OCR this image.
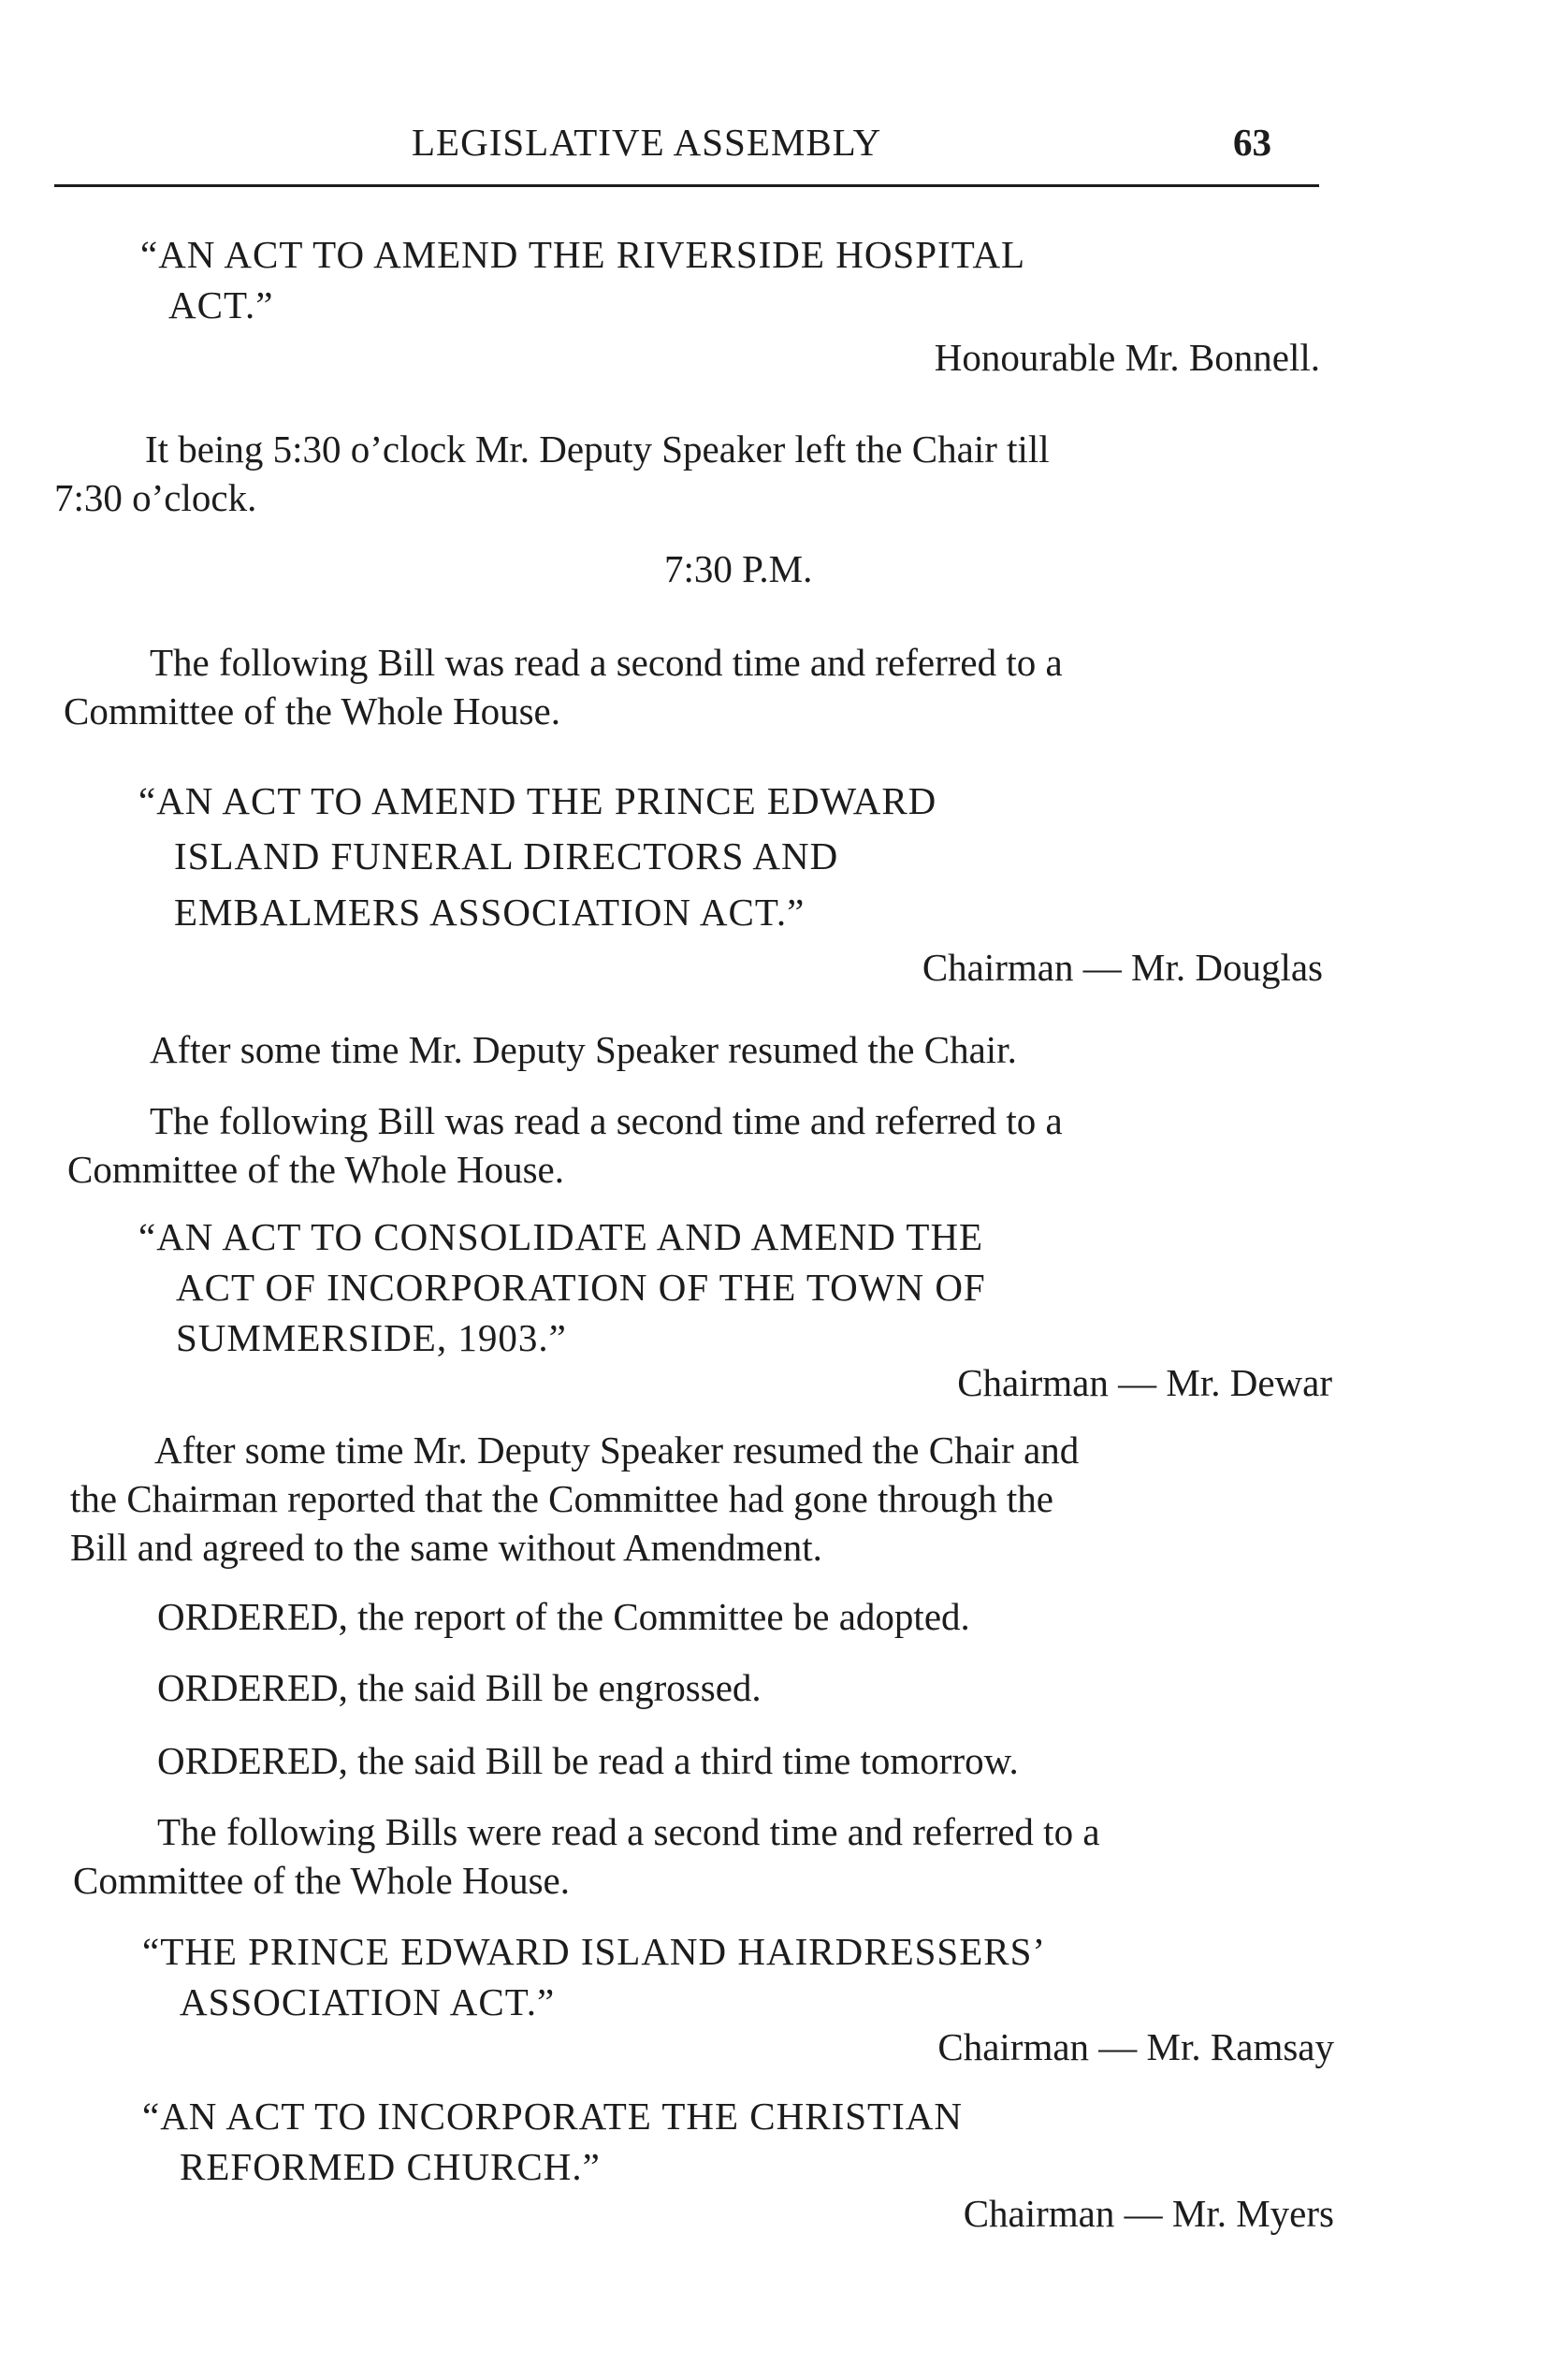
LEGISLATIVE ASSEMBLY	63
“AN ACT TO AMEND THE RIVERSIDE HOSPITAL
ACT.”
Honourable Mr. Bonnell.
It being 5:30 o’clock Mr. Deputy Speaker left the Chair till
7:30 o’clock.
7:30 P.M.
The following Bill was read a second time and referred to a
Committee of the Whole House.
“AN ACT TO AMEND THE PRINCE EDWARD
ISLAND FUNERAL DIRECTORS AND
EMBALMERS ASSOCIATION ACT.”
Chairman — Mr. Douglas
After some time Mr. Deputy Speaker resumed the Chair.
The following Bill was read a second time and referred to a
Committee of the Whole House.
“AN ACT TO CONSOLIDATE AND AMEND THE
ACT OF INCORPORATION OF THE TOWN OF
SUMMERSIDE, 1903.”
Chairman — Mr. Dewar
After some time Mr. Deputy Speaker resumed the Chair and
the Chairman reported that the Committee had gone through the
Bill and agreed to the same without Amendment.
ORDERED, the report of the Committee be adopted.
ORDERED, the said Bill be engrossed.
ORDERED, the said Bill be read a third time tomorrow.
The following Bills were read a second time and referred to a
Committee of the Whole House.
“THE PRINCE EDWARD ISLAND HAIRDRESSERS’
ASSOCIATION ACT.”
Chairman — Mr. Ramsay
“AN ACT TO INCORPORATE THE CHRISTIAN
REFORMED CHURCH.”
Chairman — Mr. Myers
